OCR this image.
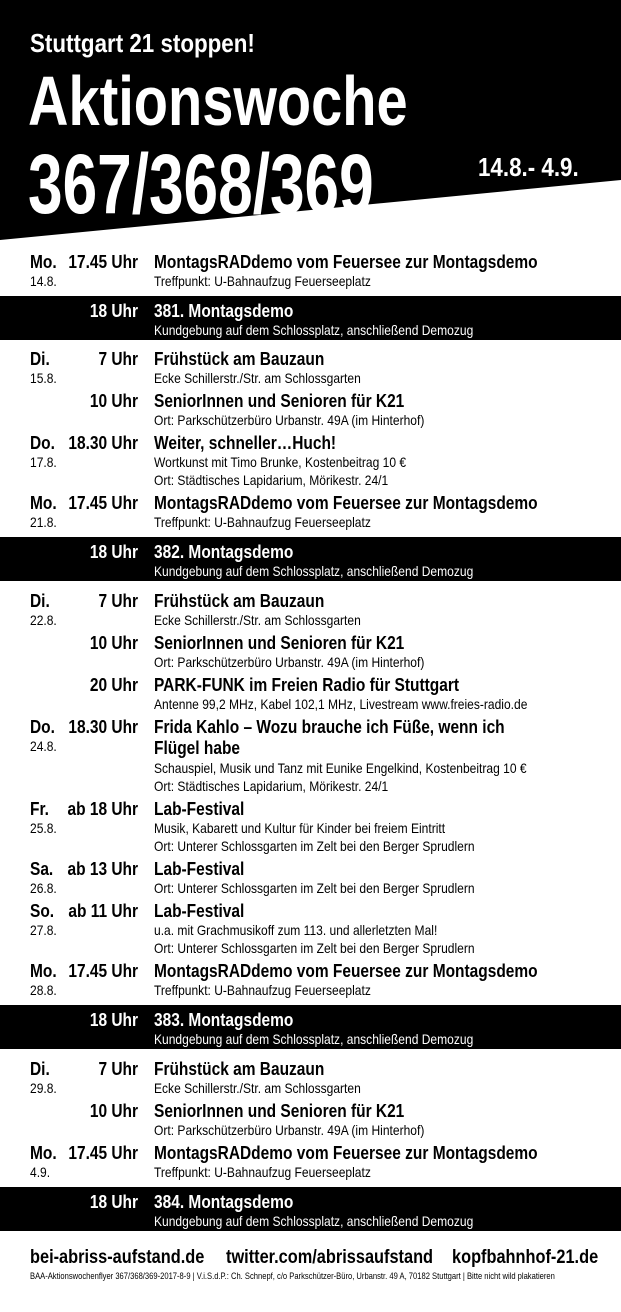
Stuttgart 21 stoppen!
Aktionswoche
367/368/369	14.8.- 4.9.
Mo. 17.45 Uhr
14.8.
MontagsRADdemo vom Feuersee zur Montagsdemo
Treffpunkt: U-Bahnaufzug Feuerseeplatz
18 Uhr 381. Montagsdemo
Kundgebung auf dem Schlossplatz, anschließend Demozug
Di.	7 Uhr
15.8.
Frühstück am Bauzaun
Ecke Schillerstr./Str. am Schlossgarten
10 Uhr SeniorInnen und Senioren für K21
Ort: Parkschützerbüro Urbanstr. 49A (im Hinterhof)
Do. 18.30 Uhr
17.8.
Weiter, schneller…Huch!
Wortkunst mit Timo Brunke, Kostenbeitrag 10 €
Ort: Städtisches Lapidarium, Mörikestr. 24/1
Mo. 17.45 Uhr
21.8.
MontagsRADdemo vom Feuersee zur Montagsdemo
Treffpunkt: U-Bahnaufzug Feuerseeplatz
18 Uhr 382. Montagsdemo
Kundgebung auf dem Schlossplatz, anschließend Demozug
Di.	7 Uhr
22.8.
Frühstück am Bauzaun
Ecke Schillerstr./Str. am Schlossgarten
10 Uhr SeniorInnen und Senioren für K21
Ort: Parkschützerbüro Urbanstr. 49A (im Hinterhof)
20 Uhr PARK-FUNK im Freien Radio für Stuttgart
Antenne 99,2 MHz, Kabel 102,1 MHz, Livestream www.freies-radio.de
Do. 18.30 Uhr
24.8.
Frida Kahlo – Wozu brauche ich Füße, wenn ich
Flügel habe
Schauspiel, Musik und Tanz mit Eunike Engelkind, Kostenbeitrag 10 €
Ort: Städtisches Lapidarium, Mörikestr. 24/1
Fr. ab 18 Uhr
25.8.
Lab-Festival
Musik, Kabarett und Kultur für Kinder bei freiem Eintritt
Ort: Unterer Schlossgarten im Zelt bei den Berger Sprudlern
Sa. ab 13 Uhr
26.8.
Lab-Festival
Ort: Unterer Schlossgarten im Zelt bei den Berger Sprudlern
So. ab 11 Uhr
27.8.
Lab-Festival
u.a. mit Grachmusikoff zum 113. und allerletzten Mal!
Ort: Unterer Schlossgarten im Zelt bei den Berger Sprudlern
Mo. 17.45 Uhr
28.8.
MontagsRADdemo vom Feuersee zur Montagsdemo
Treffpunkt: U-Bahnaufzug Feuerseeplatz
18 Uhr 383. Montagsdemo
Kundgebung auf dem Schlossplatz, anschließend Demozug
Di.	7 Uhr
29.8.
Frühstück am Bauzaun
Ecke Schillerstr./Str. am Schlossgarten
10 Uhr SeniorInnen und Senioren für K21
Ort: Parkschützerbüro Urbanstr. 49A (im Hinterhof)
Mo. 17.45 Uhr
4.9.
MontagsRADdemo vom Feuersee zur Montagsdemo
Treffpunkt: U-Bahnaufzug Feuerseeplatz
18 Uhr 384. Montagsdemo
Kundgebung auf dem Schlossplatz, anschließend Demozug
bei-abriss-aufstand.de twitter.com/abrissaufstand kopfbahnhof-21.de
BAA-Aktionswochenflyer 367/368/369-2017-8-9 | V.i.S.d.P.: Ch. Schnepf, c/o Parkschützer-Büro, Urbanstr. 49 A, 70182 Stuttgart | Bitte nicht wild plakatieren
